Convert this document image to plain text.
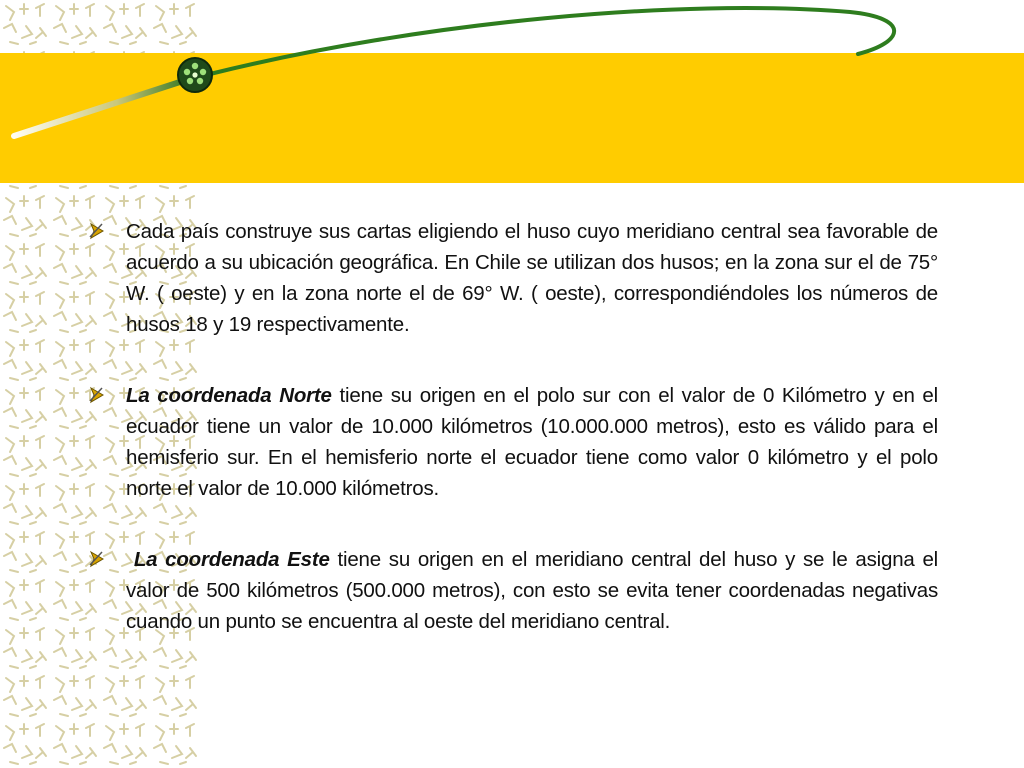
Cada país construye sus cartas eligiendo el huso cuyo meridiano central sea favorable de acuerdo a su ubicación geográfica. En Chile se utilizan dos husos; en la zona sur el de 75° W. ( oeste) y en la zona norte el de 69° W. ( oeste), correspondiéndoles los números de husos 18 y 19 respectivamente.
La coordenada Norte tiene su origen en el polo sur con el valor de 0 Kilómetro y en el ecuador tiene un valor de 10.000 kilómetros (10.000.000 metros), esto es válido para el hemisferio sur. En el hemisferio norte el ecuador tiene como valor 0 kilómetro y el polo norte el valor de 10.000 kilómetros.
La coordenada Este tiene su origen en el meridiano central del huso y se le asigna el valor de 500 kilómetros (500.000 metros), con esto se evita tener coordenadas negativas cuando un punto se encuentra al oeste del meridiano central.
